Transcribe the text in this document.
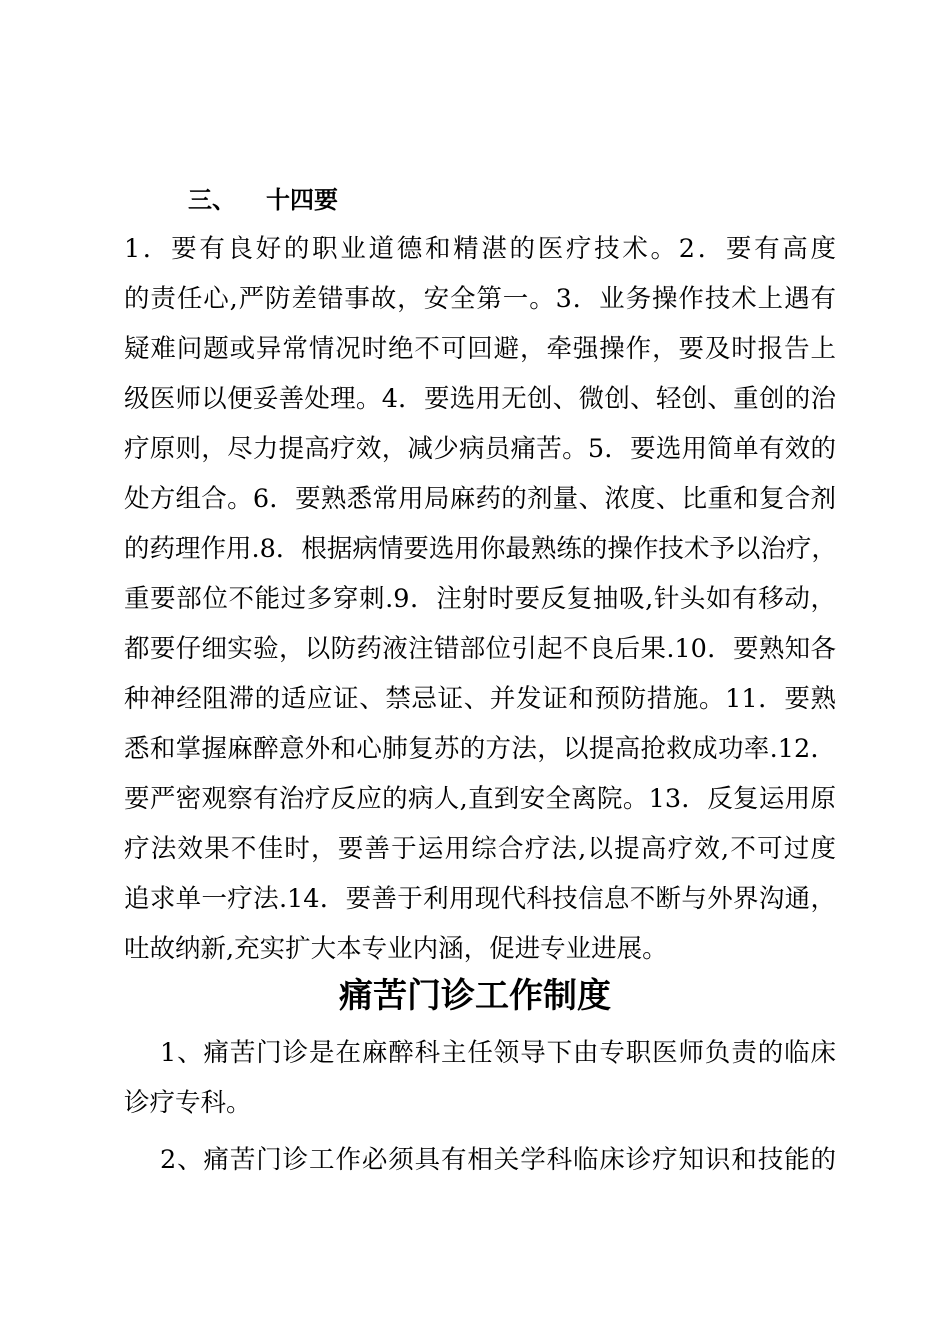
三、 十四要
1．要有良好的职业道德和精湛的医疗技术。2．要有高度
的责任心,严防差错事故，安全第一。3．业务操作技术上遇有
疑难问题或异常情况时绝不可回避，牵强操作，要及时报告上
级医师以便妥善处理。4．要选用无创、微创、轻创、重创的治
疗原则，尽力提高疗效，减少病员痛苦。5．要选用简单有效的
处方组合。6．要熟悉常用局麻药的剂量、浓度、比重和复合剂
的药理作用.8．根据病情要选用你最熟练的操作技术予以治疗，
重要部位不能过多穿刺.9．注射时要反复抽吸,针头如有移动，
都要仔细实验，以防药液注错部位引起不良后果.10．要熟知各
种神经阻滞的适应证、禁忌证、并发证和预防措施。11．要熟
悉和掌握麻醉意外和心肺复苏的方法，以提高抢救成功率.12．
要严密观察有治疗反应的病人,直到安全离院。13．反复运用原
疗法效果不佳时，要善于运用综合疗法,以提高疗效,不可过度
追求单一疗法.14．要善于利用现代科技信息不断与外界沟通，
吐故纳新,充实扩大本专业内涵，促进专业进展。
痛苦门诊工作制度
1、痛苦门诊是在麻醉科主任领导下由专职医师负责的临床
诊疗专科。
2、痛苦门诊工作必须具有相关学科临床诊疗知识和技能的
